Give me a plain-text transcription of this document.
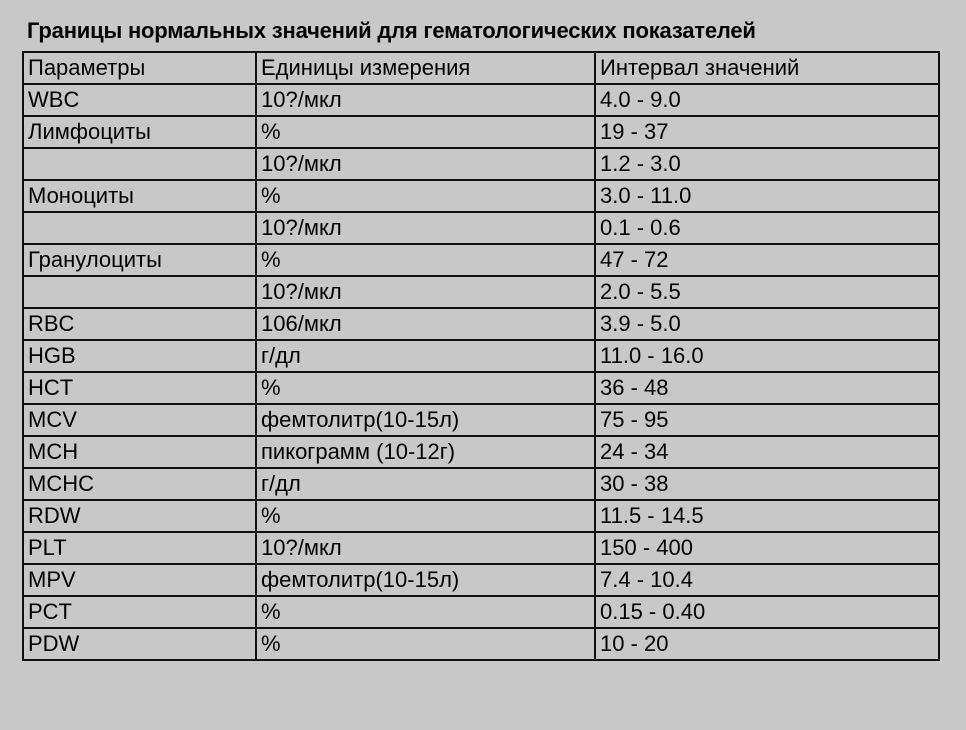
Границы нормальных значений для гематологических показателей
Параметры	Единицы измерения	Интервал значений
WBC	10?/мкл	4.0 - 9.0
Лимфоциты	%	19 - 37
	10?/мкл	1.2 - 3.0
Моноциты	%	3.0 - 11.0
	10?/мкл	0.1 - 0.6
Гранулоциты	%	47 - 72
	10?/мкл	2.0 - 5.5
RBC	106/мкл	3.9 - 5.0
HGB	г/дл	11.0 - 16.0
HCT	%	36 - 48
MCV	фемтолитр(10-15л)	75 - 95
MCH	пикограмм (10-12г)	24 - 34
MCHC	г/дл	30 - 38
RDW	%	11.5 - 14.5
PLT	10?/мкл	150 - 400
MPV	фемтолитр(10-15л)	7.4 - 10.4
PCT	%	0.15 - 0.40
PDW	%	10 - 20
